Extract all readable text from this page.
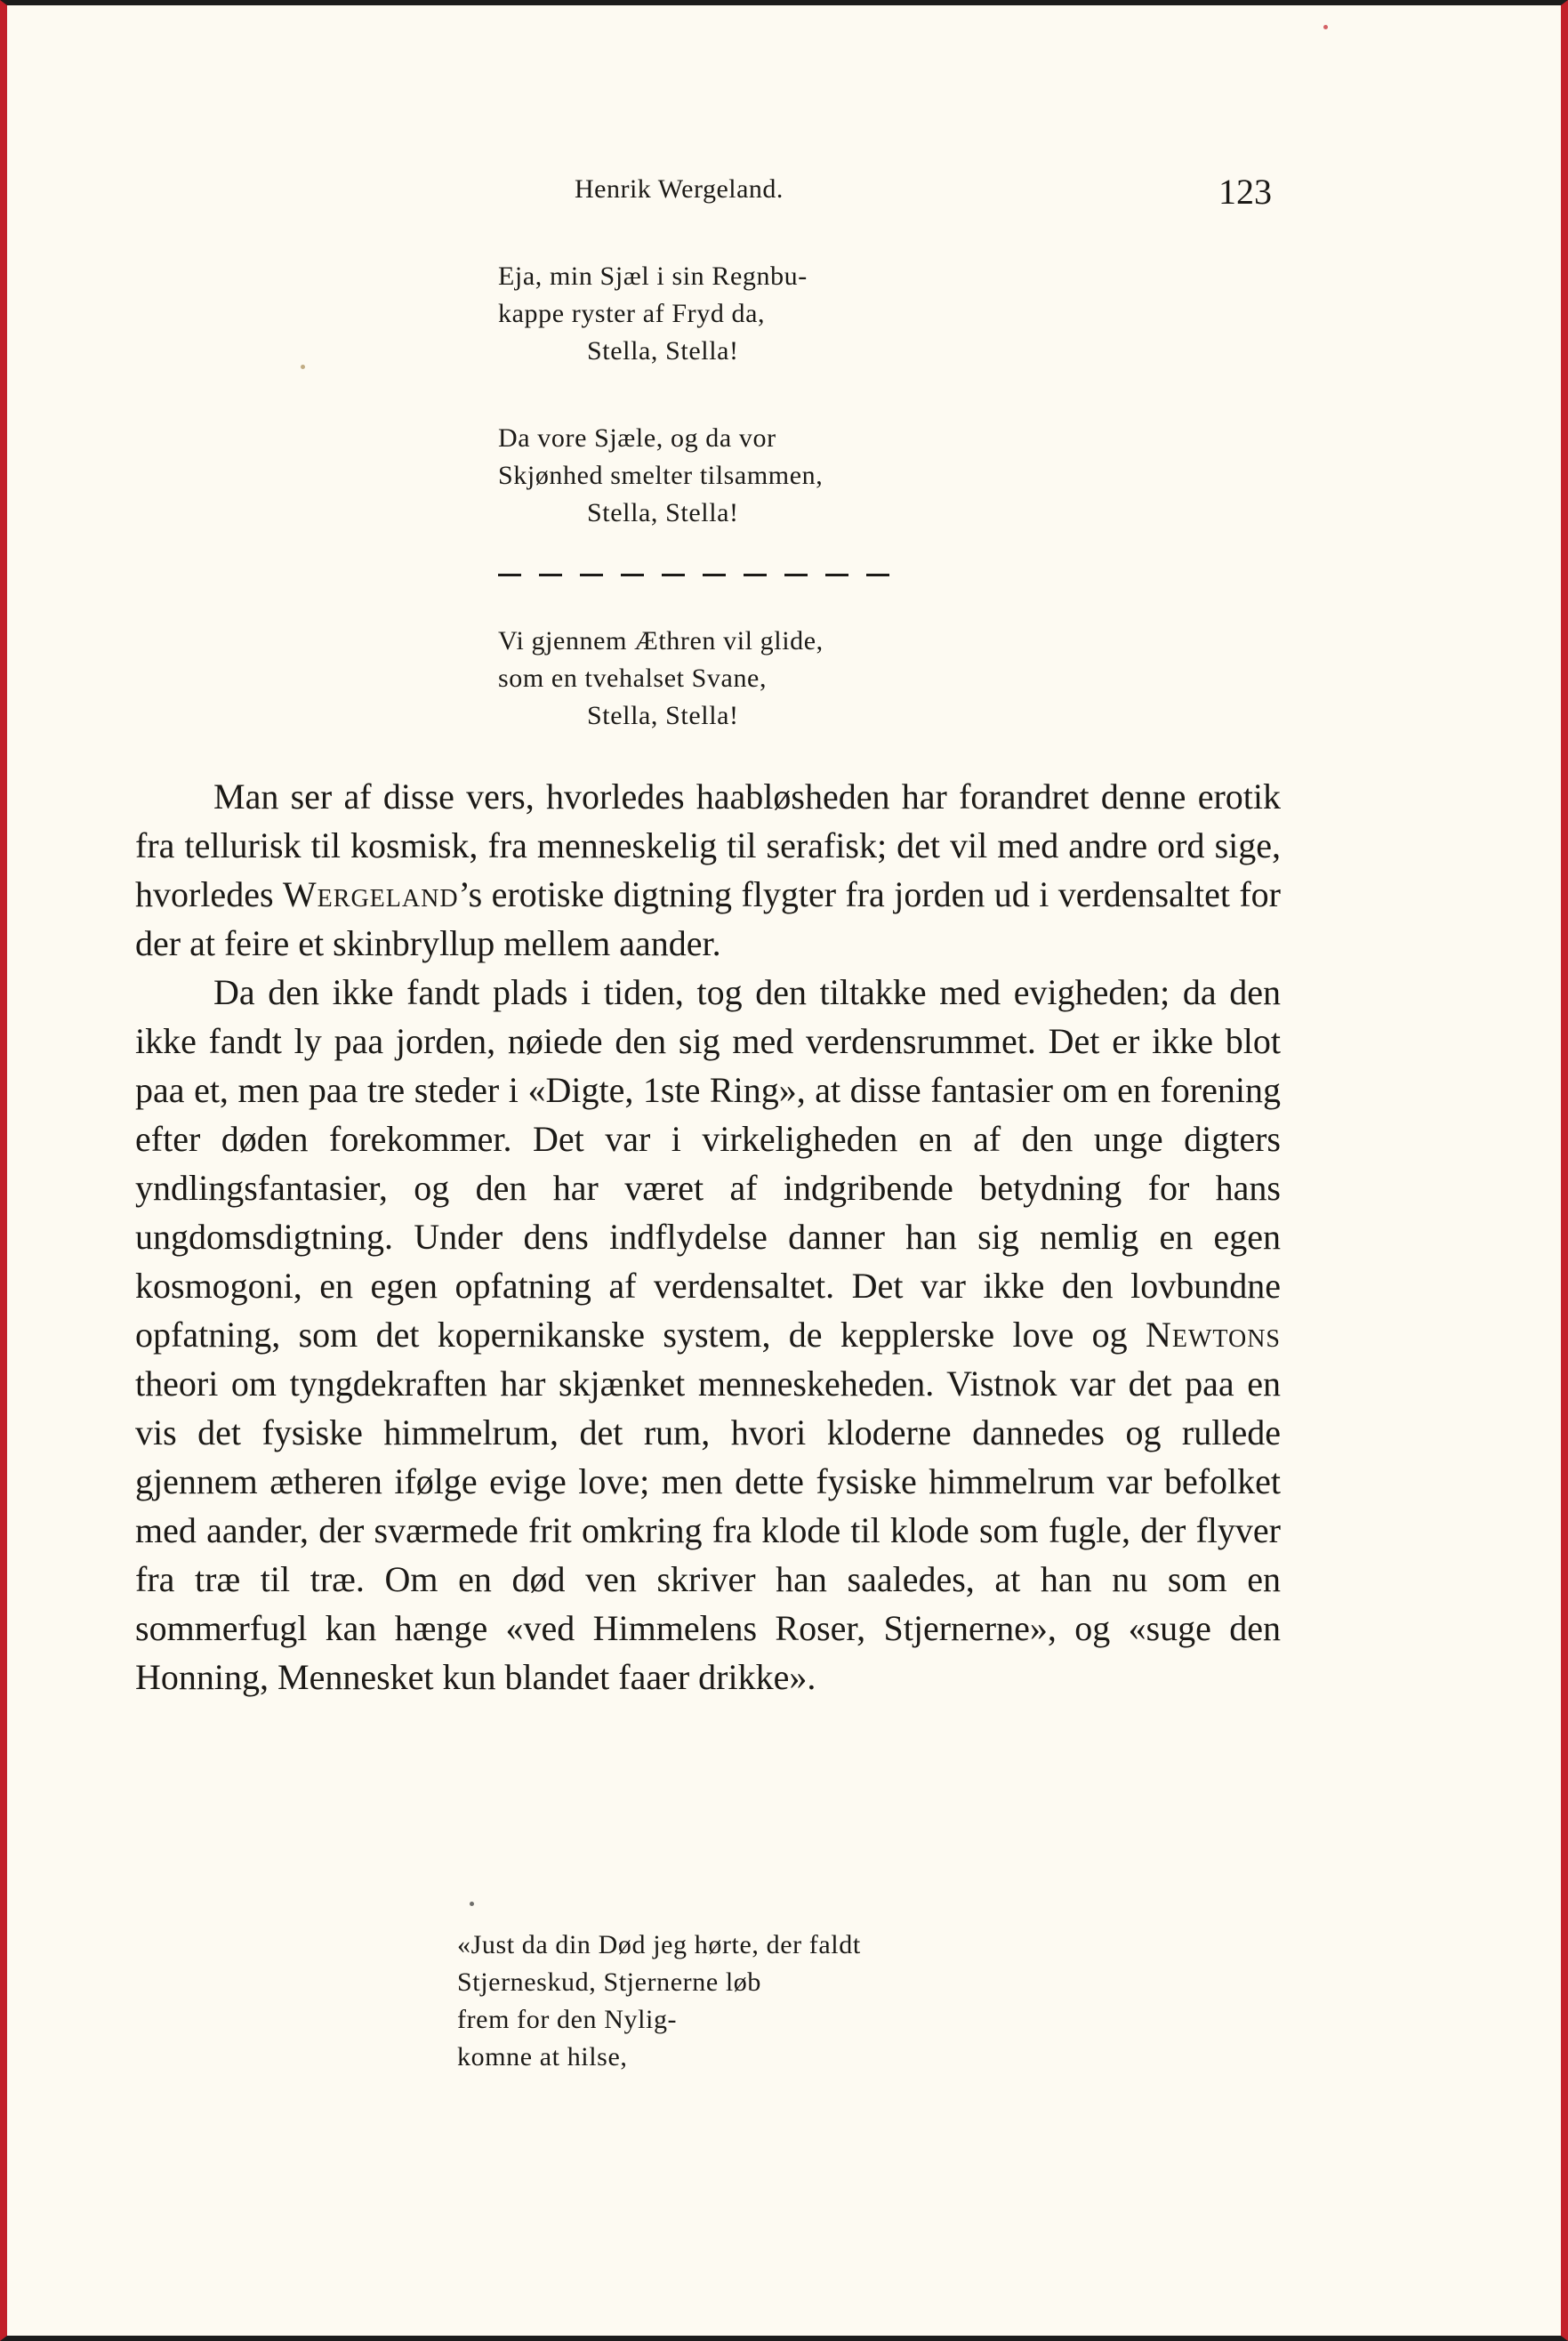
Henrik Wergeland.	123
Eja, min Sjæl i sin Regnbu-
kappe ryster af Fryd da,
Stella, Stella!
Da vore Sjæle, og da vor
Skjønhed smelter tilsammen,
Stella, Stella!
Vi gjennem Æthren vil glide,
som en tvehalset Svane,
Stella, Stella!

Man ser af disse vers, hvorledes haabløsheden har forandret denne erotik fra tellurisk til kosmisk, fra menneskelig til serafisk; det vil med andre ord sige, hvorledes Wergeland’s erotiske digtning flygter fra jorden ud i verdensaltet for der at feire et skinbryllup mellem aander.

Da den ikke fandt plads i tiden, tog den tiltakke med evigheden; da den ikke fandt ly paa jorden, nøiede den sig med verdensrummet. Det er ikke blot paa et, men paa tre steder i «Digte, 1ste Ring», at disse fantasier om en forening efter døden forekommer. Det var i virkeligheden en af den unge digters yndlingsfantasier, og den har været af indgribende betydning for hans ungdomsdigtning. Under dens indflydelse danner han sig nemlig en egen kosmogoni, en egen opfatning af verdensaltet. Det var ikke den lovbundne opfatning, som det kopernikanske system, de kepplerske love og Newtons theori om tyngdekraften har skjænket menneskeheden. Vistnok var det paa en vis det fysiske himmelrum, det rum, hvori kloderne dannedes og rullede gjennem ætheren ifølge evige love; men dette fysiske himmelrum var befolket med aander, der sværmede frit omkring fra klode til klode som fugle, der flyver fra træ til træ. Om en død ven skriver han saaledes, at han nu som en sommerfugl kan hænge «ved Himmelens Roser, Stjernerne», og «suge den Honning, Mennesket kun blandet faaer drikke».

«Just da din Død jeg hørte, der faldt
Stjerneskud, Stjernerne løb
frem for den Nylig-
komne at hilse,
